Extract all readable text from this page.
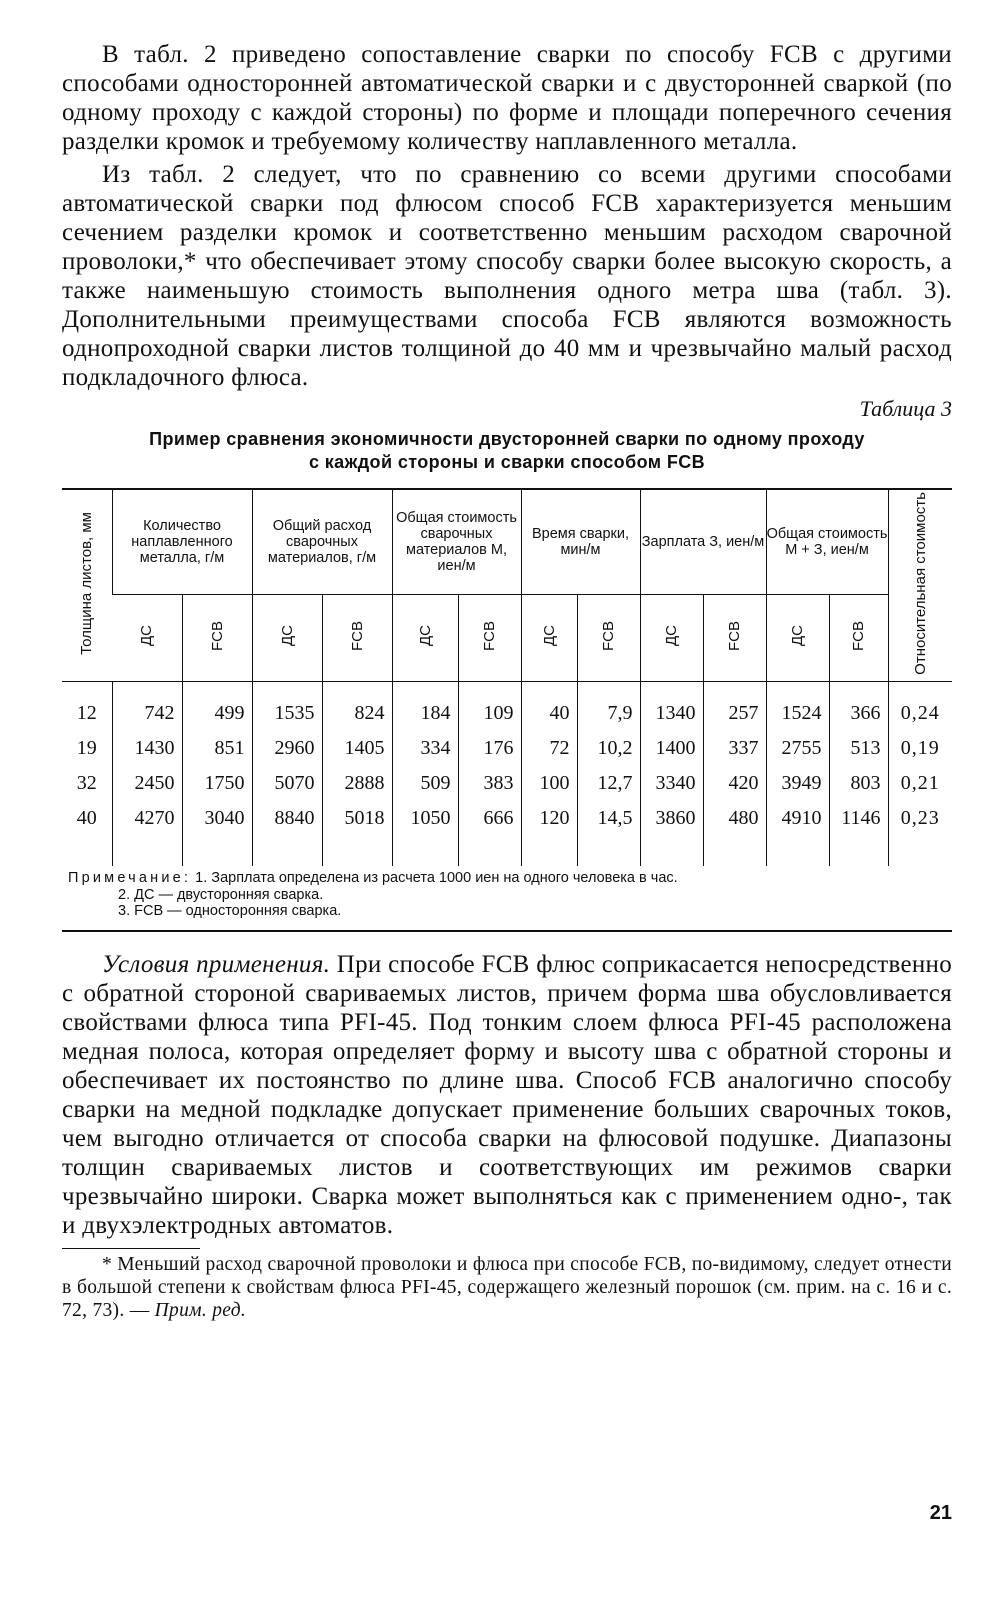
В табл. 2 приведено сопоставление сварки по способу FCB с другими способами односторонней автоматической сварки и с двусторонней сваркой (по одному проходу с каждой стороны) по форме и площади поперечного сечения разделки кромок и требуемому количеству наплавленного металла.

Из табл. 2 следует, что по сравнению со всеми другими способами автоматической сварки под флюсом способ FCB характеризуется меньшим сечением разделки кромок и соответственно меньшим расходом сварочной проволоки,* что обеспечивает этому способу сварки более высокую скорость, а также наименьшую стоимость выполнения одного метра шва (табл. 3). Дополнительными преимуществами способа FCB являются возможность однопроходной сварки листов толщиной до 40 мм и чрезвычайно малый расход подкладочного флюса.

Таблица 3
Пример сравнения экономичности двусторонней сварки по одному проходу
с каждой стороны и сварки способом FCB
Толщина листов, мм	Количество наплавленного металла, г/м		Общий расход сварочных материалов, г/м		Общая стоимость сварочных материалов М, иен/м		Время сварки, мин/м		Зарплата З, иен/м		Общая стоимость М + З, иен/м		Относительная стоимость
	ДС	FCB	ДС	FCB	ДС	FCB	ДС	FCB	ДС	FCB	ДС	FCB	

12	742	499	1535	824	184	109	40	7,9	1340	257	1524	366	0,24
19	1430	851	2960	1405	334	176	72	10,2	1400	337	2755	513	0,19
32	2450	1750	5070	2888	509	383	100	12,7	3340	420	3949	803	0,21
40	4270	3040	8840	5018	1050	666	120	14,5	3860	480	4910	1146	0,23

Примечание: 1. Зарплата определена из расчета 1000 иен на одного человека в час.
2. ДС — двусторонняя сварка.
3. FCB — односторонняя сварка.

Условия применения. При способе FCB флюс соприкасается непосредственно с обратной стороной свариваемых листов, причем форма шва обусловливается свойствами флюса типа PFI-45. Под тонким слоем флюса PFI-45 расположена медная полоса, которая определяет форму и высоту шва с обратной стороны и обеспечивает их постоянство по длине шва. Способ FCB аналогично способу сварки на медной подкладке допускает применение больших сварочных токов, чем выгодно отличается от способа сварки на флюсовой подушке. Диапазоны толщин свариваемых листов и соответствующих им режимов сварки чрезвычайно широки. Сварка может выполняться как с применением одно-, так и двухэлектродных автоматов.

* Меньший расход сварочной проволоки и флюса при способе FCB, по-видимому, следует отнести в большой степени к свойствам флюса PFI-45, содержащего железный порошок (см. прим. на с. 16 и с. 72, 73). — Прим. ред.

21
